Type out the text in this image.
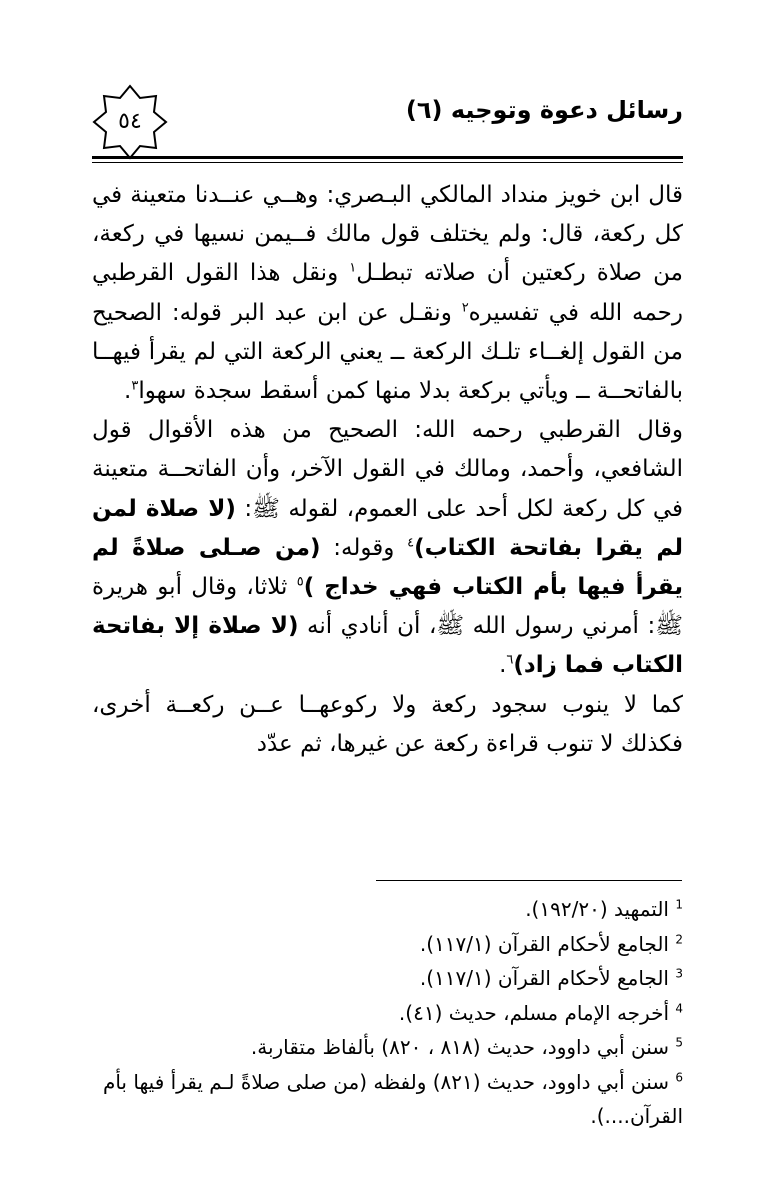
رسائل دعوة وتوجيه (٦)
٥٤

قال ابن خويز منداد المالكي البـصري: وهــي عنــدنا متعينة في كل ركعة، قال: ولم يختلف قول مالك فــيمن نسيها في ركعة، من صلاة ركعتين أن صلاته تبطـل$^١$ ونقل هذا القول القرطبي رحمه الله في تفسيره$^٢$ ونقـل عن ابن عبد البر قوله: الصحيح من القول إلغــاء تلـك الركعة ــ يعني الركعة التي لم يقرأ فيهــا بالفاتحــة ــ ويأتي بركعة بدلا منها كمن أسقط سجدة سهوا$^٣$.

وقال القرطبي رحمه الله: الصحيح من هذه الأقوال قول الشافعي، وأحمد، ومالك في القول الآخر، وأن الفاتحــة متعينة في كل ركعة لكل أحد على العموم، لقوله ﷺ: (لا صلاة لمن لم يقرا بفاتحة الكتاب)$^٤$ وقوله: (من صـلى صلاةً لم يقرأ فيها بأم الكتاب فهي خداج )$^٥$ ثلاثا، وقال أبو هريرة ﷺ: أمرني رسول الله ﷺ، أن أنادي أنه (لا صلاة إلا بفاتحة الكتاب فما زاد)$^٦$.

كما لا ينوب سجود ركعة ولا ركوعهــا عــن ركعــة أخرى، فكذلك لا تنوب قراءة ركعة عن غيرها، ثم عدّد

$^1$ التمهيد (١٩٢/٢٠).

$^2$ الجامع لأحكام القرآن (١١٧/١).

$^3$ الجامع لأحكام القرآن (١١٧/١).

$^4$ أخرجه الإمام مسلم، حديث (٤١).

$^5$ سنن أبي داوود، حديث (٨١٨ ، ٨٢٠) بألفاظ متقاربة.

$^6$ سنن أبي داوود، حديث (٨٢١) ولفظه (من صلى صلاةً لـم يقرأ فيها بأم القرآن....).
